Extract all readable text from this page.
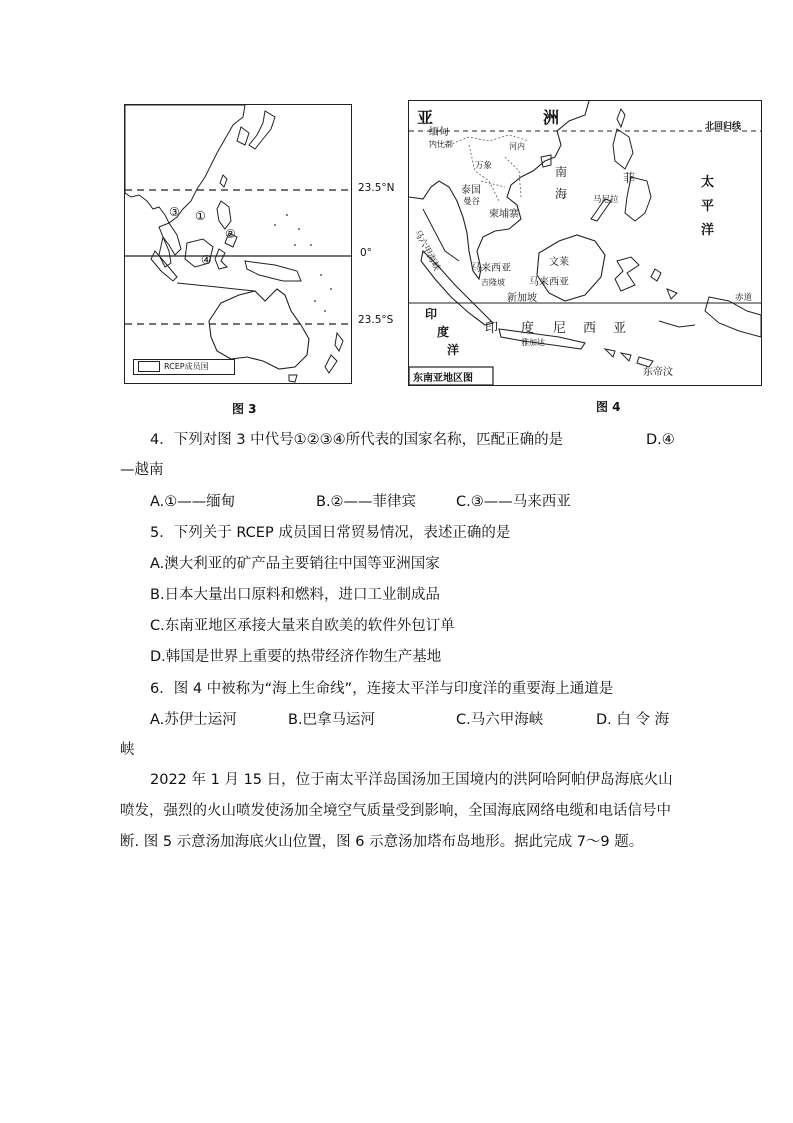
③ ①
②
④
RCEP成员国
23.5°N
0°
23.5°S
图 3
亚	洲	北回归线
缅甸
内比都	河内
万象
泰国
曼谷
柬埔寨
南
海
菲
马尼拉
太
平
洋
马六甲海峡	马来西亚
马来西亚
文莱
吉隆坡
新加坡	赤道
印
度
洋
印 度 尼 西 亚
雅加达
东帝汶
东南亚地区图
图 4
4．下列对图 3 中代号①②③④所代表的国家名称，匹配正确的是	D.④
—越南
A.①——缅甸	B.②——菲律宾	C.③——马来西亚
5．下列关于 RCEP 成员国日常贸易情况，表述正确的是
A.澳大利亚的矿产品主要销往中国等亚洲国家
B.日本大量出口原料和燃料，进口工业制成品
C.东南亚地区承接大量来自欧美的软件外包订单
D.韩国是世界上重要的热带经济作物生产基地
6．图 4 中被称为“海上生命线”，连接太平洋与印度洋的重要海上通道是
A.苏伊士运河	B.巴拿马运河	C.马六甲海峡	D. 白 令 海
峡
2022 年 1 月 15 日，位于南太平洋岛国汤加王国境内的洪阿哈阿帕伊岛海底火山喷发，强烈的火山喷发使汤加全境空气质量受到影响，全国海底网络电缆和电话信号中断. 图 5 示意汤加海底火山位置，图 6 示意汤加塔布岛地形。据此完成 7～9 题。
